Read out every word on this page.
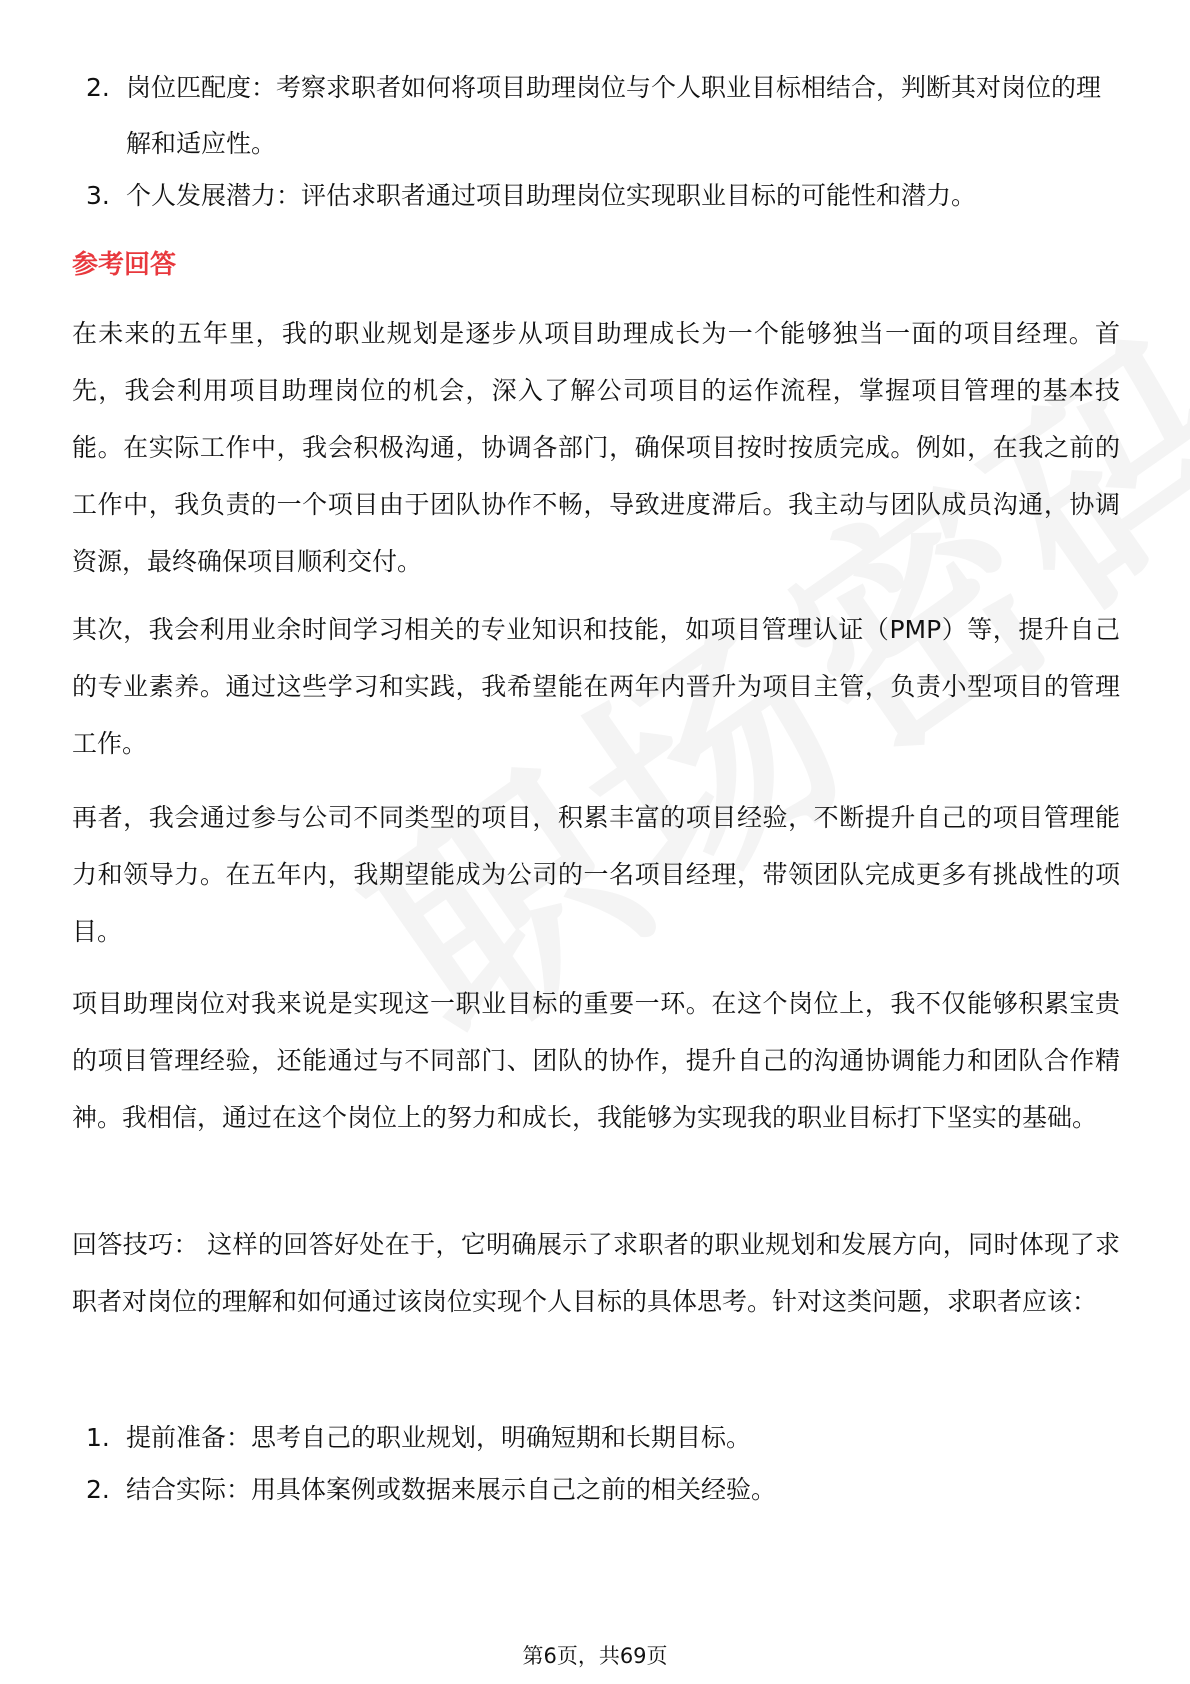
2. 岗位匹配度：考察求职者如何将项目助理岗位与个人职业目标相结合，判断其对岗位的理解和适应性。
3. 个人发展潜力：评估求职者通过项目助理岗位实现职业目标的可能性和潜力。
参考回答
在未来的五年里，我的职业规划是逐步从项目助理成长为一个能够独当一面的项目经理。首先，我会利用项目助理岗位的机会，深入了解公司项目的运作流程，掌握项目管理的基本技能。在实际工作中，我会积极沟通，协调各部门，确保项目按时按质完成。例如，在我之前的工作中，我负责的一个项目由于团队协作不畅，导致进度滞后。我主动与团队成员沟通，协调资源，最终确保项目顺利交付。
其次，我会利用业余时间学习相关的专业知识和技能，如项目管理认证（PMP）等，提升自己的专业素养。通过这些学习和实践，我希望能在两年内晋升为项目主管，负责小型项目的管理工作。
再者，我会通过参与公司不同类型的项目，积累丰富的项目经验，不断提升自己的项目管理能力和领导力。在五年内，我期望能成为公司的一名项目经理，带领团队完成更多有挑战性的项目。
项目助理岗位对我来说是实现这一职业目标的重要一环。在这个岗位上，我不仅能够积累宝贵的项目管理经验，还能通过与不同部门、团队的协作，提升自己的沟通协调能力和团队合作精神。我相信，通过在这个岗位上的努力和成长，我能够为实现我的职业目标打下坚实的基础。
回答技巧： 这样的回答好处在于，它明确展示了求职者的职业规划和发展方向，同时体现了求职者对岗位的理解和如何通过该岗位实现个人目标的具体思考。针对这类问题，求职者应该：
1. 提前准备：思考自己的职业规划，明确短期和长期目标。
2. 结合实际：用具体案例或数据来展示自己之前的相关经验。
第6页，共69页
